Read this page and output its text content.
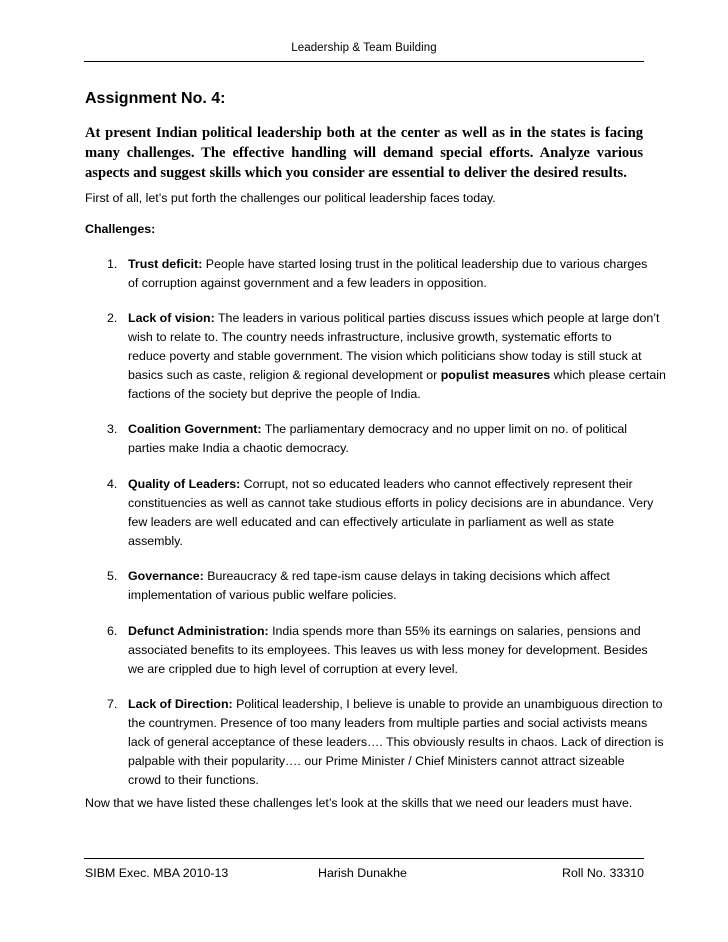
Leadership & Team Building
Assignment No. 4:
At present Indian political leadership both at the center as well as in the states is facing many challenges. The effective handling will demand special efforts. Analyze various
aspects and suggest skills which you consider are essential to deliver the desired results.
First of all, let’s put forth the challenges our political leadership faces today.
Challenges:
1. Trust deficit: People have started losing trust in the political leadership due to various charges
of corruption against government and a few leaders in opposition.
2. Lack of vision: The leaders in various political parties discuss issues which people at large don’t
wish to relate to. The country needs infrastructure, inclusive growth, systematic efforts to
reduce poverty and stable government. The vision which politicians show today is still stuck at
basics such as caste, religion & regional development or populist measures which please certain
factions of the society but deprive the people of India.
3. Coalition Government: The parliamentary democracy and no upper limit on no. of political
parties make India a chaotic democracy.
4. Quality of Leaders: Corrupt, not so educated leaders who cannot effectively represent their
constituencies as well as cannot take studious efforts in policy decisions are in abundance. Very
few leaders are well educated and can effectively articulate in parliament as well as state
assembly.
5. Governance: Bureaucracy & red tape-ism cause delays in taking decisions which affect
implementation of various public welfare policies.
6. Defunct Administration: India spends more than 55% its earnings on salaries, pensions and
associated benefits to its employees. This leaves us with less money for development. Besides
we are crippled due to high level of corruption at every level.
7. Lack of Direction: Political leadership, I believe is unable to provide an unambiguous direction to
the countrymen. Presence of too many leaders from multiple parties and social activists means
lack of general acceptance of these leaders…. This obviously results in chaos. Lack of direction is
palpable with their popularity…. our Prime Minister / Chief Ministers cannot attract sizeable
crowd to their functions.
Now that we have listed these challenges let’s look at the skills that we need our leaders must have.
SIBM Exec. MBA 2010-13	Harish Dunakhe	Roll No. 33310
